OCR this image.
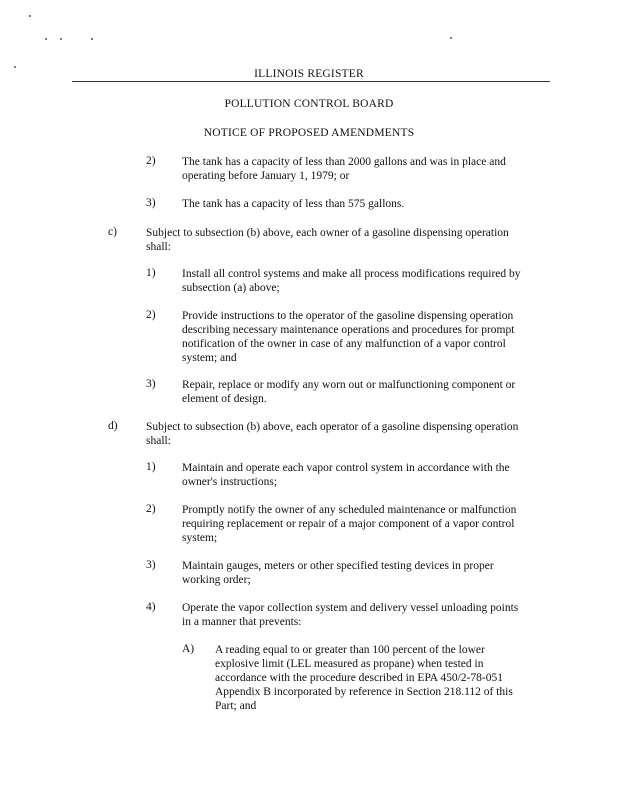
ILLINOIS REGISTER
POLLUTION CONTROL BOARD
NOTICE OF PROPOSED AMENDMENTS
2) The tank has a capacity of less than 2000 gallons and was in place and
operating before January 1, 1979; or
3) The tank has a capacity of less than 575 gallons.
c)	Subject to subsection (b) above, each owner of a gasoline dispensing operation
shall:
1) Install all control systems and make all process modifications required by
subsection (a) above;
2) Provide instructions to the operator of the gasoline dispensing operation
describing necessary maintenance operations and procedures for prompt
notification of the owner in case of any malfunction of a vapor control
system; and
3) Repair, replace or modify any worn out or malfunctioning component or
element of design.
d) Subject to subsection (b) above, each operator of a gasoline dispensing operation
shall:
1) Maintain and operate each vapor control system in accordance with the
owner's instructions;
2) Promptly notify the owner of any scheduled maintenance or malfunction
requiring replacement or repair of a major component of a vapor control
system;
3) Maintain gauges, meters or other specified testing devices in proper
working order;
4) Operate the vapor collection system and delivery vessel unloading points
in a manner that prevents:
A) A reading equal to or greater than 100 percent of the lower
explosive limit (LEL measured as propane) when tested in
accordance with the procedure described in EPA 450/2-78-051
Appendix B incorporated by reference in Section 218.112 of this
Part; and
